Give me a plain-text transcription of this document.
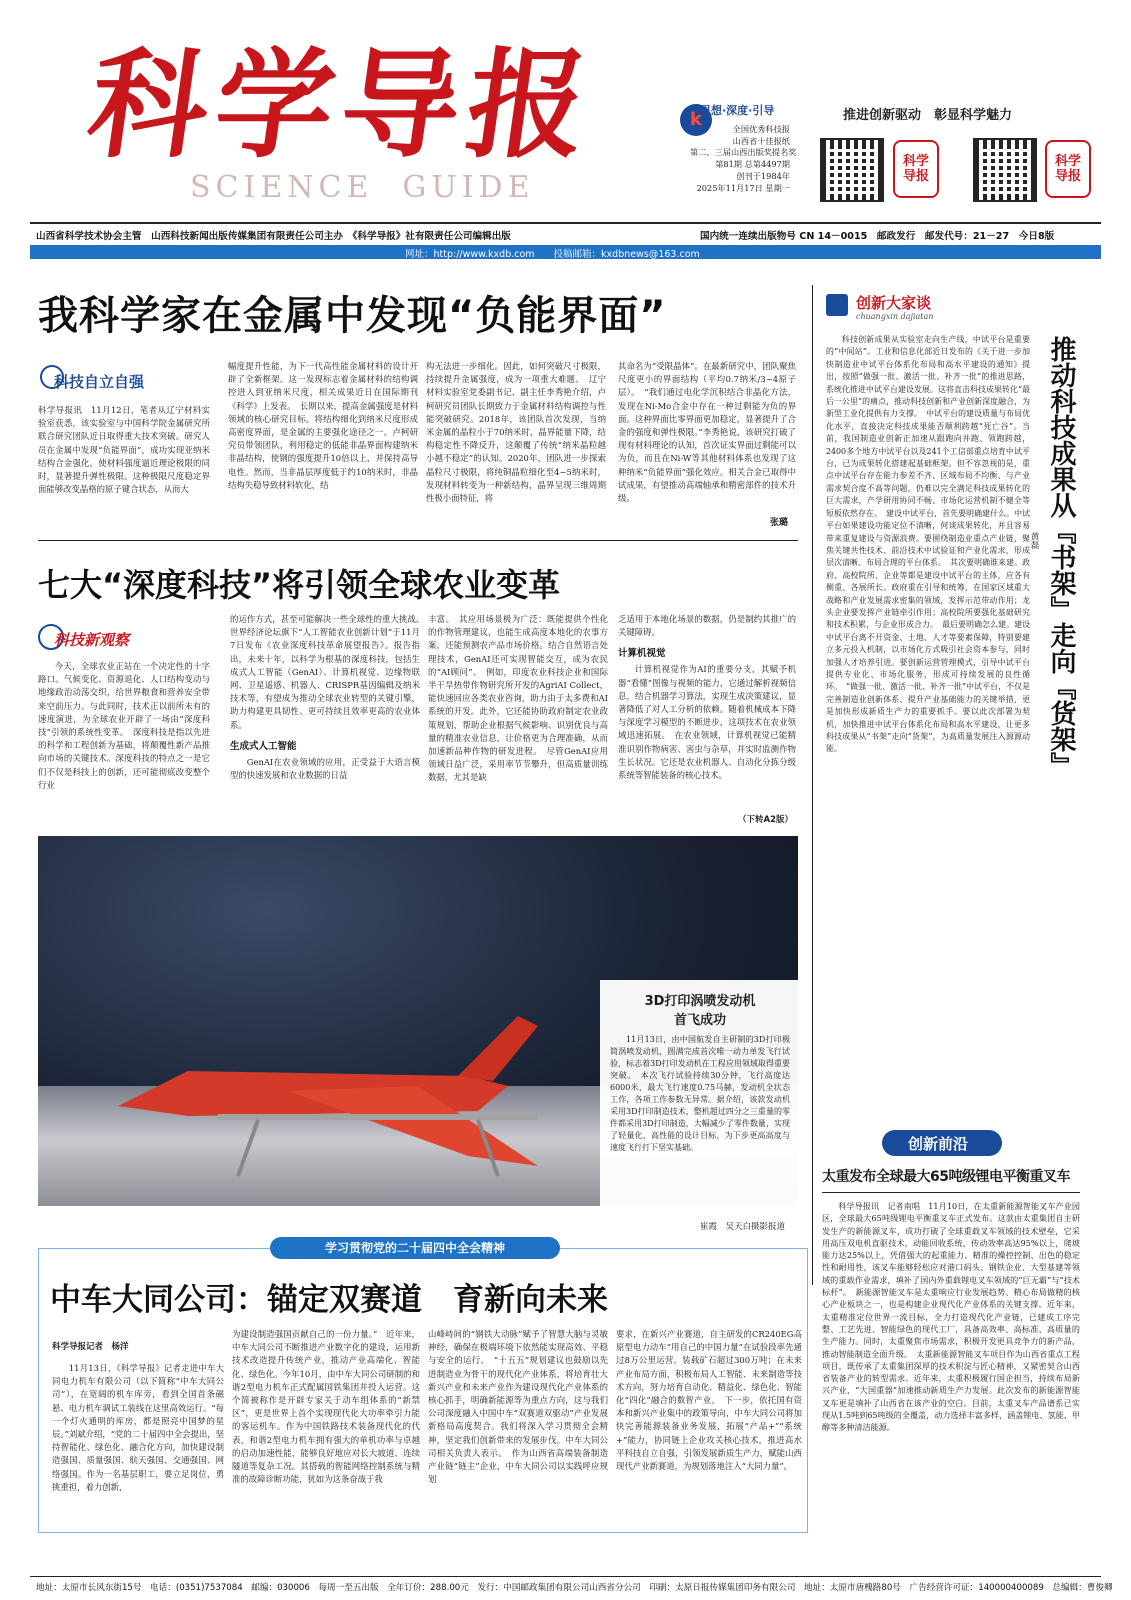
科学导报
SCIENCE  GUIDE
k
思想·深度·引导
全国优秀科技报
山西省十佳报纸
第二、三届山西出版奖提名奖
第81期 总第4497期
创刊于1984年
2025年11月17日 星期一
推进创新驱动　彰显科学魅力
科学
导报
科学
导报
山西省科学技术协会主管　山西科技新闻出版传媒集团有限责任公司主办　《科学导报》社有限责任公司编辑出版	国内统一连续出版物号 CN 14－0015　邮政发行　邮发代号：21－27　今日8版
网址：http://www.kxdb.com　　投稿邮箱：kxdbnews@163.com
我科学家在金属中发现“负能界面”
科技自立自强

科学导报讯　11月12日，笔者从辽宁材料实验室获悉，该实验室与中国科学院金属研究所联合研究团队近日取得重大技术突破。研究人员在金属中发现“负能界面”，成功实现亚纳米结构合金强化，使材料强度逼近理论极限的同时，显著提升弹性极限。这种极限尺度稳定界面能够改变晶格的原子键合状态，从而大

幅度提升性能，为下一代高性能金属材料的设计开辟了全新框架。这一发现标志着金属材料的结构调控进入到亚纳米尺度，相关成果近日在国际期刊《科学》上发表。　长期以来，提高金属强度是材料领域的核心研究目标。将结构细化到纳米尺度形成高密度界面，是金属的主要强化途径之一。卢柯研究员带领团队，利用稳定的低能非晶界面构建纳米非晶结构，使钢的强度提升10倍以上，并保持高导电性。然而，当非晶层厚度低于约10纳米时，非晶结构失稳导致材料软化，结

构无法进一步细化。因此，如何突破尺寸极限，持续提升金属强度，成为一项重大难题。　辽宁材料实验室党委副书记、副主任李秀艳介绍，卢柯研究员团队长期致力于金属材料结构调控与性能突破研究。2018年，该团队首次发现，当纳米金属的晶粒小于70纳米时，晶界能量下降，结构稳定性不降反升，这颠覆了传统“纳米晶粒越小越不稳定”的认知。2020年，团队进一步探索晶粒尺寸极限，将纯铜晶粒细化至4~5纳米时，发现材料转变为一种新结构，晶界呈现三维周期性极小面特征，将

其命名为“受限晶体”。在最新研究中，团队聚焦尺度更小的界面结构（平均0.7纳米/3~4原子层）。　“我们通过电化学沉积结合非晶化方法，发现在Ni-Mo合金中存在一种过剩能为负的界面。这种界面比零界面更加稳定，显著提升了合金的强度和弹性极限。”李秀艳说，该研究打破了现有材料理论的认知，首次证实界面过剩能可以为负，而且在Ni-W等其他材料体系也发现了这种纳米“负能界面”强化效应。相关合金已取得中试成果，有望推动高端轴承和精密部件的技术升级。

张璐
七大“深度科技”将引领全球农业变革
科技新观察

今天，全球农业正站在一个决定性的十字路口。气候变化、资源退化、人口结构变动与地缘政治动荡交织，给世界粮食和营养安全带来空前压力。与此同时，技术正以前所未有的速度演进，为全球农业开辟了一场由“深度科技”引领的系统性变革。　深度科技是指以先进的科学和工程创新为基础，将颠覆性新产品推向市场的关键技术。深度科技的特点之一是它们不仅是科技上的创新，还可能彻底改变整个行业

的运作方式，甚至可能解决一些全球性的重大挑战。　世界经济论坛旗下“人工智能农业创新计划”于11月7日发布《农业深度科技革命展望报告》。报告指出，未来十年，以科学为根基的深度科技，包括生成式人工智能（GenAI）、计算机视觉、边缘物联网、卫星遥感、机器人、CRISPR基因编辑及纳米技术等，有望成为推动全球农业转型的关键引擎，助力构建更具韧性、更可持续且效率更高的农业体系。

生成式人工智能

GenAI在农业领域的应用，正受益于大语言模型的快速发展和农业数据的日益

丰富。　其应用场景极为广泛：既能提供个性化的作物管理建议，也能生成高度本地化的农事方案，还能预测农产品市场价格。结合自然语言处理技术，GenAI还可实现智能交互，成为农民的“AI顾问”。　例如，印度农业科技企业和国际半干旱热带作物研究所开发的AgriAI Collect，能快速回应各类农业咨询，助力由于太多费和AI系统的开发。此外，它还能协助政府制定农业政策规划，帮助企业根据气候影响、识别优良与高量的精准农业信息，让价格更为合理准确，从而加速新品种作物的研发进程。　尽管GenAI应用领域日益广泛，采用率节节攀升，但高质量训练数据，尤其是缺

乏适用于本地化场景的数据，仍是制约其推广的关键障碍。

计算机视觉

计算机视觉作为AI的重要分支，其赋予机器“看懂”图像与视频的能力，它通过解析视频信息，结合机器学习算法，实现生成决策建议，显著降低了对人工分析的依赖。随着机械成本下降与深度学习模型的不断进步，这项技术在农业领域迅速拓展。　在农业领域，计算机视觉已能精准识别作物病害、害虫与杂草，并实时监测作物生长状况。它还是农业机器人、自动化分拣分级系统等智能装备的核心技术。

（下转A2版）
3D打印涡喷发动机
首飞成功

11月13日，由中国航发自主研制的3D打印极简涡喷发动机，圆满完成首次唯一动力单发飞行试验，标志着3D打印发动机在工程应用领域取得重要突破。　本次飞行试验持续30分钟，飞行高度达6000米，最大飞行速度0.75马赫，发动机全状态工作，各项工作参数无异常。据介绍，该款发动机采用3D打印制造技术，整机超过四分之三重量的零件都采用3D打印制造，大幅减少了零件数量，实现了轻量化、高性能的设计目标，为下步更高高度与速度飞行打下坚实基础。

崔霞　吴天白摄影报道
创新大家谈
chuangxin dajiatan

科技创新成果从实验室走向生产线，中试平台是重要的“中间站”。工业和信息化部近日发布的《关于进一步加快制造业中试平台体系化布局和高水平建设的通知》提出，按照“做强一批、激活一批、补齐一批”的推进思路，系统化推进中试平台建设发展。这将直击科技成果转化“最后一公里”的痛点，推动科技创新和产业创新深度融合，为新型工业化提供有力支撑。　中试平台的建设质量与布局优化水平，直接决定科技成果能否顺利跨越“死亡谷”。当前，我国制造业创新正加速从跟跑向并跑、领跑跨越，2400多个地方中试平台以及241个工信部重点培育中试平台，已为成果转化搭建起基础框架。但不容忽视的是，重点中试平台存在能力参差不齐、区域布局不均衡、与产业需求契合度不高等问题，仍难以完全满足科技成果转化的巨大需求，产学研用协同不畅、市场化运营机制不健全等短板依然存在。　建设中试平台，首先要明确建什么。中试平台如果建设功能定位不清晰，何谈成果转化，并且容易带来重复建设与资源浪费。要围绕制造业重点产业链，聚焦关键共性技术、前沿技术中试验证和产业化需求，形成层次清晰、布局合理的平台体系。　其次要明确谁来建。政府、高校院所、企业等都是建设中试平台的主体，应各有侧重、各展所长。政府重在引导和统筹，在国家区域重大战略和产业发展需求密集的领域，发挥示范带动作用；龙头企业要发挥产业链牵引作用；高校院所要强化基础研究和技术积累，与企业形成合力。　最后要明确怎么建。建设中试平台离不开资金、土地、人才等要素保障，特别要建立多元投入机制，以市场化方式吸引社会资本参与，同时加强人才培养引进。要创新运营管理模式，引导中试平台提供专业化、市场化服务，形成可持续发展的良性循环。　“做强一批、激活一批、补齐一批”中试平台，不仅是完善制造业创新体系、提升产业基础能力的关键举措，更是加快形成新质生产力的重要抓手。要以此次部署为契机，加快推进中试平台体系化布局和高水平建设，让更多科技成果从“书架”走向“货架”，为高质量发展注入源源动能。	推动科技成果从『书架』走向『货架』
黄磊
创新前沿
太重发布全球最大65吨级锂电平衡重叉车

科学导报讯　记者南唱　11月10日，在太重新能源智能叉车产业园区，全球最大65吨级锂电平衡重叉车正式发布。这款由太重集团自主研发生产的新能源叉车，成功打破了全球重载叉车领域的技术壁垒，它采用高压双电机直驱技术，动能回收系统，传动效率高达95%以上，爬坡能力达25%以上，凭借强大的起重能力、精准的操控控制、出色的稳定性和耐用性，该叉车能够轻松应对港口码头、钢铁企业、大型基建等领域的重载作业需求，填补了国内外重载锂电叉车领域的“巨无霸”与“技术标杆”。　新能源智能叉车是太重响应行业发展趋势、精心布局做精的核心产业板块之一，也是构建企业现代化产业体系的关键支撑。近年来，太重精准定位世界一流目标，全力打造现代化产业链，已建成工序完整、工艺先进、智能绿色的现代工厂，具备高效率、高标准、高质量的生产能力。同时，太重聚焦市场需求，积极开发更具竞争力的新产品，推动智能制造全面升级。　太重新能源智能叉车项目作为山西省重点工程项目，既传承了太重集团深厚的技术积淀与匠心精神，又紧密契合山西省装备产业的转型需求。近年来，太重积极履行国企担当，持续布局新兴产业，“大国重器”加速推动新质生产力发展。此次发布的新能源智能叉车更是填补了山西省在该产业的空白。目前，太重叉车产品谱系已实现从1.5吨到65吨级的全覆盖，动力选择丰富多样，涵盖锂电、氢能、甲醇等多种清洁能源。

学习贯彻党的二十届四中全会精神
中车大同公司：锚定双赛道　育新向未来
科学导报记者　杨洋

11月13日，《科学导报》记者走进中车大同电力机车有限公司（以下简称“中车大同公司”），在宽阔的机车库旁，看到全国首条磁悬、电力机车调试工装线在这里高效运行。“每一个灯火通明的库房，都是照亮中国梦的星辰。”刘斌介绍，“党的二十届四中全会提出，坚持智能化、绿色化、融合化方向，加快建设制造强国、质量强国、航天强国、交通强国、网络强国。作为一名基层职工，要立足岗位，勇挑重担，着力创新，

为建设制造强国贡献自己的一份力量。”　近年来，中车大同公司不断推进产业数字化的建设，运用新技术改造提升传统产业，推动产业高端化、智能化、绿色化。今年10月，由中车大同公司研制的和谐2型电力机车正式配属国铁集团并投入运营。这个简被称作是开辟专家关于动车组体系的“新禁区”，更是世界上首个实现现代化大功率牵引力能的客运机车。作为中国铁路技术装备现代化的代表，和谐2型电力机车拥有强大的单机功率与卓越的启动加速性能，能够良好地应对长大坡道、连续隧道等复杂工况。其搭载的智能网络控制系统与精准的故障诊断功能，犹如为这条奋战于我

山峰峙间的“钢铁大动脉”赋予了智慧大脑与灵敏神经，确保在极端环境下依然能实现高效、平稳与安全的运行。　“十五五”规划建议也鼓励以先进制造业为骨干的现代化产业体系，将培育壮大新兴产业和未来产业作为建设现代化产业体系的核心抓手，明确新能源等为重点方向，这与我们公司深度融入中国中车“双赛道双驱动”产业发展新格局高度契合。我们将深入学习贯彻全会精神，坚定我们创新带来的发展步伐。中车大同公司相关负责人表示。　作为山西省高端装备制造产业链“链主”企业，中车大同公司以实践呼应规划

要求，在新兴产业赛道，自主研发的CR240EG高原型电力动车“用自己的中国力量”在试验段率先通过8万公里运营。装载矿石超过300万吨；在未来产业布局方面，积极布局人工智能、未来制造等技术方向，努力培育自动化、精益化、绿色化、智能化“四化”融合的数智产业。　下一步，依托国有资本和新兴产业集中的政策导向，中车大同公司将加快完善能源装备业务发展，拓展“产品+”“系统+”能力，协同链上企业攻关核心技术，推进高水平科技自立自强，引领发展新质生产力，赋能山西现代产业新赛道，为规划落地注入“大同力量”。

地址：太原市长风东街15号　电话：(0351)7537084　邮编：030006　每周一至五出版　全年订价：288.00元　发行：中国邮政集团有限公司山西省分公司　印刷：太原日报传媒集团印务有限公司　地址：太原市唐槐路80号　广告经营许可证：140000400089　总编辑：曹俊卿
